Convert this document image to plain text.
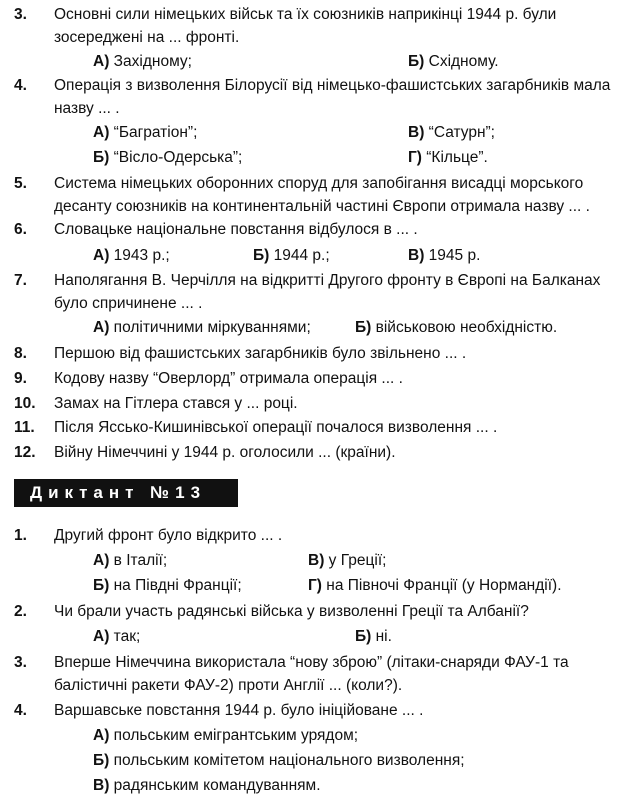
3.	Основні сили німецьких військ та їх союзників наприкінці 1944 р. були зосереджені на ... фронті.
А) Західному;	Б) Східному.
4.	Операція з визволення Білорусії від німецько-фашистських загарбників мала назву ... .
А) “Багратіон”;	В) “Сатурн”;
Б) “Вісло-Одерська”;	Г) “Кільце”.
5.	Система німецьких оборонних споруд для запобігання висадці морського десанту союзників на континентальній частині Європи отримала назву ... .
6.	Словацьке національне повстання відбулося в ... .
А) 1943 р.;	Б) 1944 р.;	В) 1945 р.
7.	Наполягання В. Черчілля на відкритті Другого фронту в Європі на Балканах було спричинене ... .
А) політичними міркуваннями;	Б) військовою необхідністю.
8.	Першою від фашистських загарбників було звільнено ... .
9.	Кодову назву “Оверлорд” отримала операція ... .
10.	Замах на Гітлера стався у ... році.
11.	Після Яссько-Кишинівської операції почалося визволення ... .
12.	Війну Німеччині у 1944 р. оголосили ... (країни).
Диктант №13
1.	Другий фронт було відкрито ... .
А) в Італії;	В) у Греції;
Б) на Півдні Франції;	Г) на Півночі Франції (у Нормандії).
2.	Чи брали участь радянські війська у визволенні Греції та Албанії?
А) так;	Б) ні.
3.	Вперше Німеччина використала “нову зброю” (літаки-снаряди ФАУ-1 та балістичні ракети ФАУ-2) проти Англії ... (коли?).
4.	Варшавське повстання 1944 р. було ініційоване ... .
А) польським емігрантським урядом;
Б) польським комітетом національного визволення;
В) радянським командуванням.
